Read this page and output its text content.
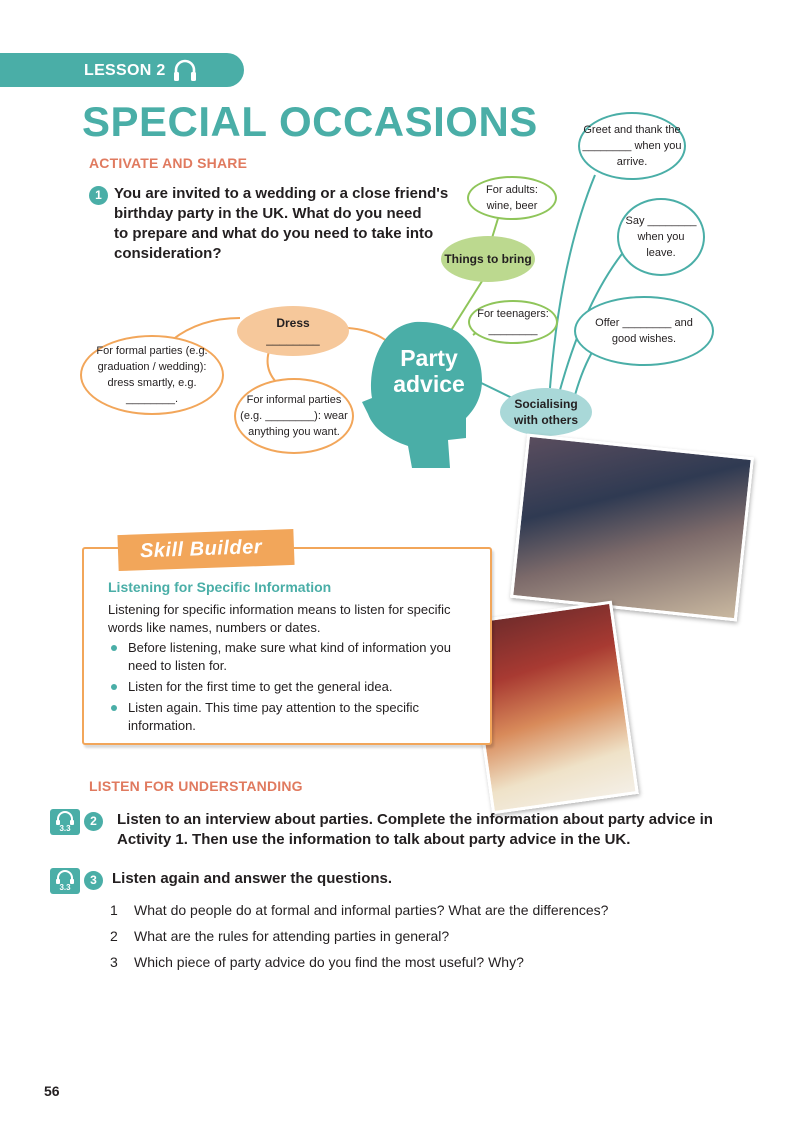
LESSON 2
SPECIAL OCCASIONS
ACTIVATE AND SHARE
1 You are invited to a wedding or a close friend's
birthday party in the UK. What do you need
to prepare and what do you need to take into
consideration?
Party
advice
Dress
________
For formal parties (e.g.
graduation / wedding):
dress smartly, e.g.
________.	For informal parties
(e.g. ________): wear
anything you want.
Things to bring
For adults:
wine, beer
For teenagers:
________
Socialising
with others
Greet and thank the
________ when you
arrive.
Say ________
when you
leave.
Offer ________ and
good wishes.
Skill Builder
Listening for Specific Information
Listening for specific information means to listen for specific words like names, numbers or dates.
Before listening, make sure what kind of information you need to listen for.
Listen for the first time to get the general idea.
Listen again. This time pay attention to the specific information.
LISTEN FOR UNDERSTANDING
3.3
2	Listen to an interview about parties. Complete the information about party advice in
Activity 1. Then use the information to talk about party advice in the UK.
3.3
3	Listen again and answer the questions.
1	What do people do at formal and informal parties? What are the differences?
2	What are the rules for attending parties in general?
3	Which piece of party advice do you find the most useful? Why?
56
